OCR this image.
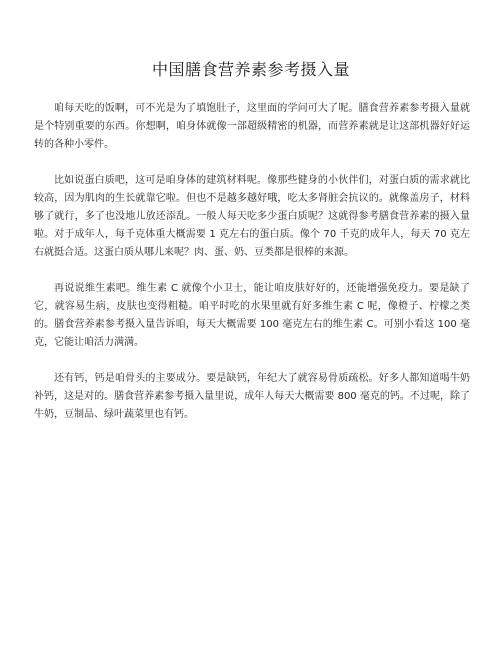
中国膳食营养素参考摄入量

咱每天吃的饭啊，可不光是为了填饱肚子，这里面的学问可大了呢。膳食营养素参考摄入量就是个特别重要的东西。你想啊，咱身体就像一部超级精密的机器，而营养素就是让这部机器好好运转的各种小零件。

比如说蛋白质吧，这可是咱身体的建筑材料呢。像那些健身的小伙伴们，对蛋白质的需求就比较高，因为肌肉的生长就靠它啦。但也不是越多越好哦，吃太多肾脏会抗议的。就像盖房子，材料够了就行，多了也没地儿放还添乱。一般人每天吃多少蛋白质呢？这就得参考膳食营养素的摄入量啦。对于成年人，每千克体重大概需要 1 克左右的蛋白质。像个 70 千克的成年人，每天 70 克左右就挺合适。这蛋白质从哪儿来呢？肉、蛋、奶、豆类都是很棒的来源。

再说说维生素吧。维生素 C 就像个小卫士，能让咱皮肤好好的，还能增强免疫力。要是缺了它，就容易生病，皮肤也变得粗糙。咱平时吃的水果里就有好多维生素 C 呢，像橙子、柠檬之类的。膳食营养素参考摄入量告诉咱，每天大概需要 100 毫克左右的维生素 C。可别小看这 100 毫克，它能让咱活力满满。

还有钙，钙是咱骨头的主要成分。要是缺钙，年纪大了就容易骨质疏松。好多人都知道喝牛奶补钙，这是对的。膳食营养素参考摄入量里说，成年人每天大概需要 800 毫克的钙。不过呢，除了牛奶，豆制品、绿叶蔬菜里也有钙。
